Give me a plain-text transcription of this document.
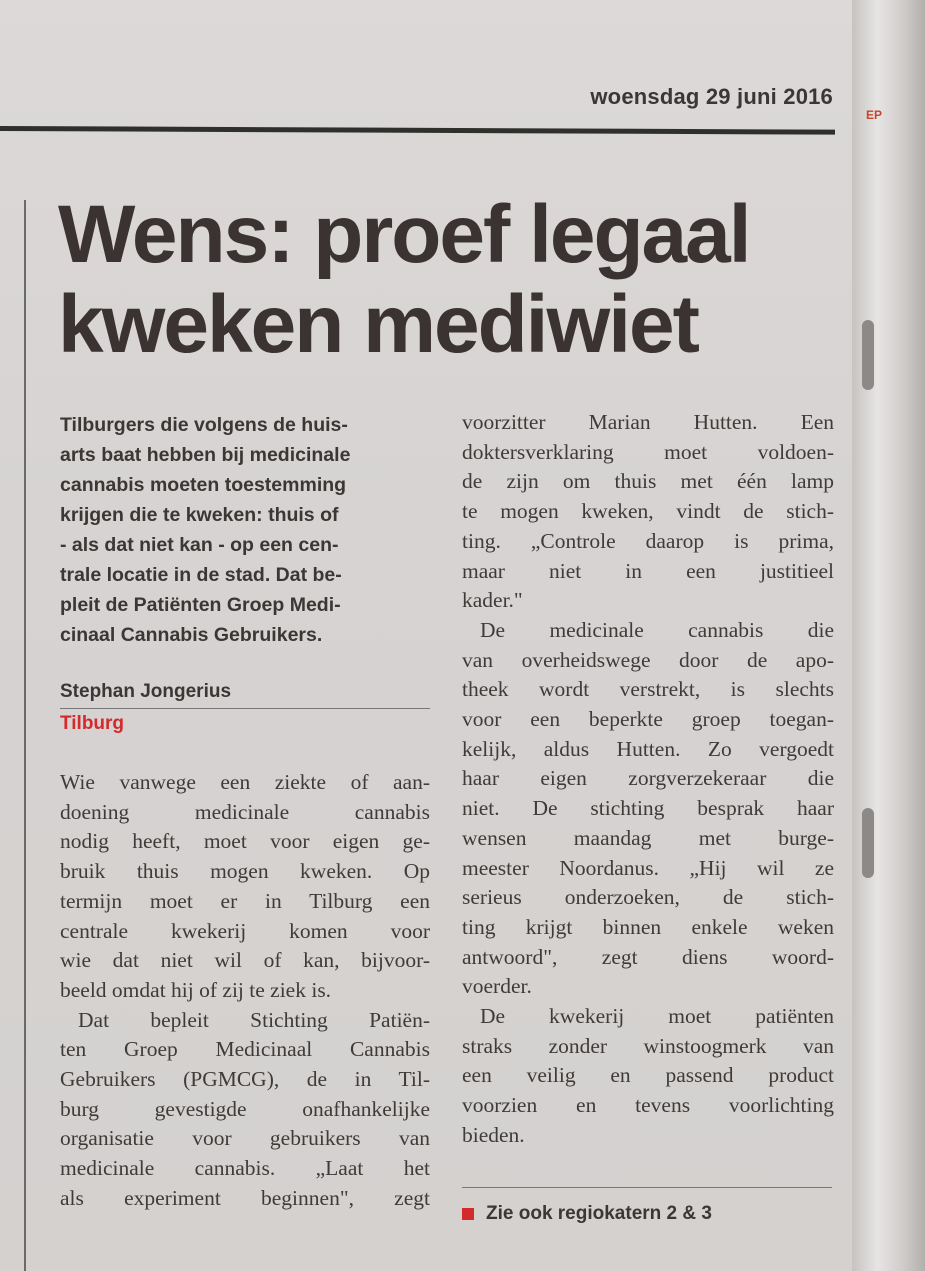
EP
woensdag 29 juni 2016
Wens: proef legaal
kweken mediwiet

Tilburgers die volgens de huis-
arts baat hebben bij medicinale
cannabis moeten toestemming
krijgen die te kweken: thuis of
- als dat niet kan - op een cen-
trale locatie in de stad. Dat be-
pleit de Patiënten Groep Medi-
cinaal Cannabis Gebruikers.

Stephan Jongerius
Tilburg

Wie vanwege een ziekte of aan-
doening medicinale cannabis
nodig heeft, moet voor eigen ge-
bruik thuis mogen kweken. Op
termijn moet er in Tilburg een
centrale kwekerij komen voor
wie dat niet wil of kan, bijvoor-
beeld omdat hij of zij te ziek is.
Dat bepleit Stichting Patiën-
ten Groep Medicinaal Cannabis
Gebruikers (PGMCG), de in Til-
burg gevestigde onafhankelijke
organisatie voor gebruikers van
medicinale cannabis. „Laat het
als experiment beginnen", zegt

voorzitter Marian Hutten. Een
doktersverklaring moet voldoen-
de zijn om thuis met één lamp
te mogen kweken, vindt de stich-
ting. „Controle daarop is prima,
maar niet in een justitieel
kader."
De medicinale cannabis die
van overheidswege door de apo-
theek wordt verstrekt, is slechts
voor een beperkte groep toegan-
kelijk, aldus Hutten. Zo vergoedt
haar eigen zorgverzekeraar die
niet. De stichting besprak haar
wensen maandag met burge-
meester Noordanus. „Hij wil ze
serieus onderzoeken, de stich-
ting krijgt binnen enkele weken
antwoord", zegt diens woord-
voerder.
De kwekerij moet patiënten
straks zonder winstoogmerk van
een veilig en passend product
voorzien en tevens voorlichting
bieden.

Zie ook regiokatern 2 & 3
